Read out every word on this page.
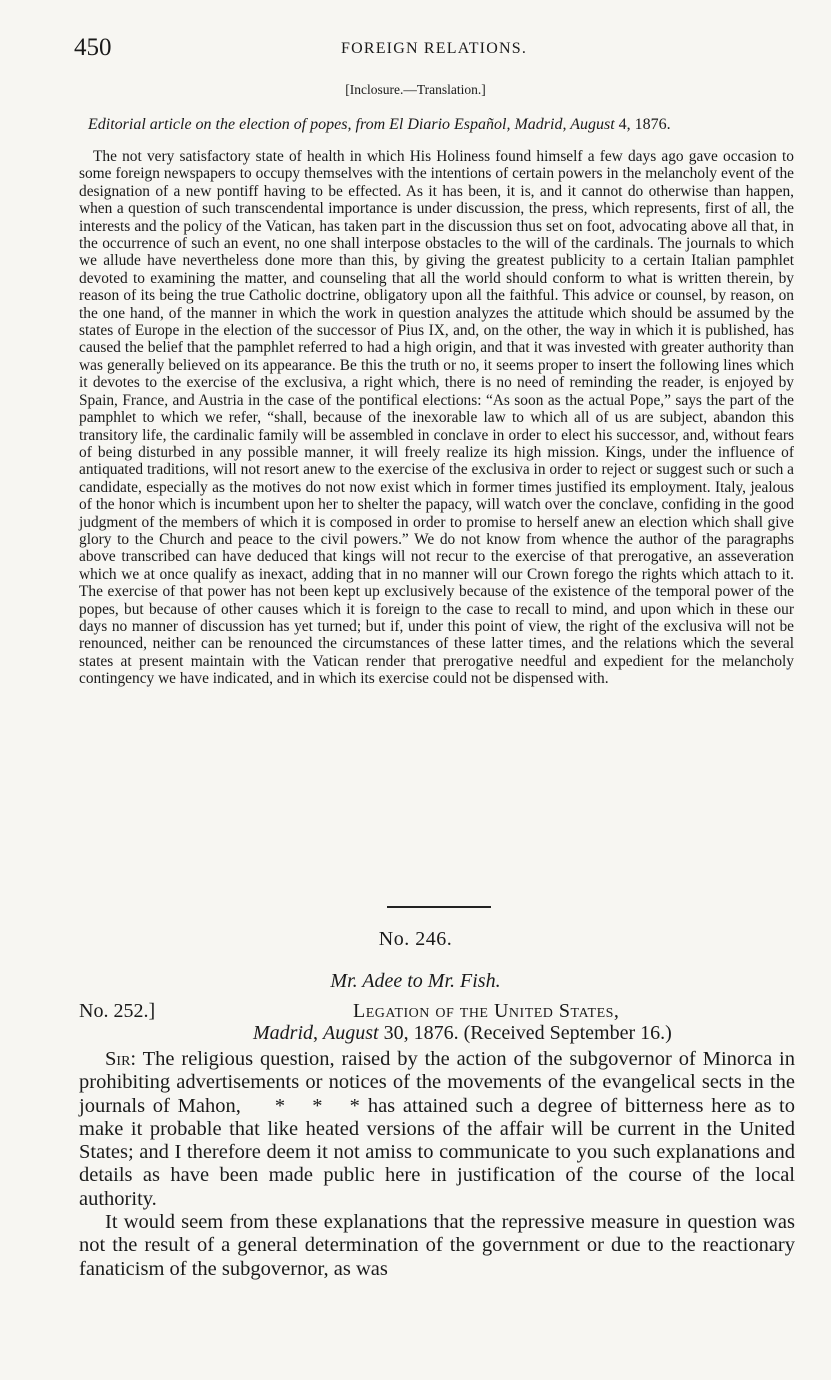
450	FOREIGN RELATIONS.
[Inclosure.—Translation.]
Editorial article on the election of popes, from El Diario Español, Madrid, August 4, 1876.

The not very satisfactory state of health in which His Holiness found himself a few days ago gave occasion to some foreign newspapers to occupy themselves with the intentions of certain powers in the melancholy event of the designation of a new pontiff having to be effected. As it has been, it is, and it cannot do otherwise than happen, when a question of such transcendental importance is under discussion, the press, which represents, first of all, the interests and the policy of the Vatican, has taken part in the discussion thus set on foot, advocating above all that, in the occurrence of such an event, no one shall interpose obstacles to the will of the cardinals. The journals to which we allude have nevertheless done more than this, by giving the greatest publicity to a certain Italian pamphlet devoted to examining the matter, and counseling that all the world should conform to what is written therein, by reason of its being the true Catholic doctrine, obligatory upon all the faithful. This advice or counsel, by reason, on the one hand, of the manner in which the work in question analyzes the attitude which should be assumed by the states of Europe in the election of the successor of Pius IX, and, on the other, the way in which it is published, has caused the belief that the pamphlet referred to had a high origin, and that it was invested with greater authority than was generally believed on its appearance. Be this the truth or no, it seems proper to insert the following lines which it devotes to the exercise of the exclusiva, a right which, there is no need of reminding the reader, is enjoyed by Spain, France, and Austria in the case of the pontifical elections: “As soon as the actual Pope,” says the part of the pamphlet to which we refer, “shall, because of the inexorable law to which all of us are subject, abandon this transitory life, the cardinalic family will be assembled in conclave in order to elect his successor, and, without fears of being disturbed in any possible manner, it will freely realize its high mission. Kings, under the influence of antiquated traditions, will not resort anew to the exercise of the exclusiva in order to reject or suggest such or such a candidate, especially as the motives do not now exist which in former times justified its employment. Italy, jealous of the honor which is incumbent upon her to shelter the papacy, will watch over the conclave, confiding in the good judgment of the members of which it is composed in order to promise to herself anew an election which shall give glory to the Church and peace to the civil powers.” We do not know from whence the author of the paragraphs above transcribed can have deduced that kings will not recur to the exercise of that prerogative, an asseveration which we at once qualify as inexact, adding that in no manner will our Crown forego the rights which attach to it. The exercise of that power has not been kept up exclusively because of the existence of the temporal power of the popes, but because of other causes which it is foreign to the case to recall to mind, and upon which in these our days no manner of discussion has yet turned; but if, under this point of view, the right of the exclusiva will not be renounced, neither can be renounced the circumstances of these latter times, and the relations which the several states at present maintain with the Vatican render that prerogative needful and expedient for the melancholy contingency we have indicated, and in which its exercise could not be dispensed with.

No. 246.
Mr. Adee to Mr. Fish.
No. 252.]	Legation of the United States,
Madrid, August 30, 1876. (Received September 16.)

Sir: The religious question, raised by the action of the subgovernor of Minorca in prohibiting advertisements or notices of the movements of the evangelical sects in the journals of Mahon, * * * has attained such a degree of bitterness here as to make it probable that like heated versions of the affair will be current in the United States; and I therefore deem it not amiss to communicate to you such explanations and details as have been made public here in justification of the course of the local authority.

It would seem from these explanations that the repressive measure in question was not the result of a general determination of the government or due to the reactionary fanaticism of the subgovernor, as was
